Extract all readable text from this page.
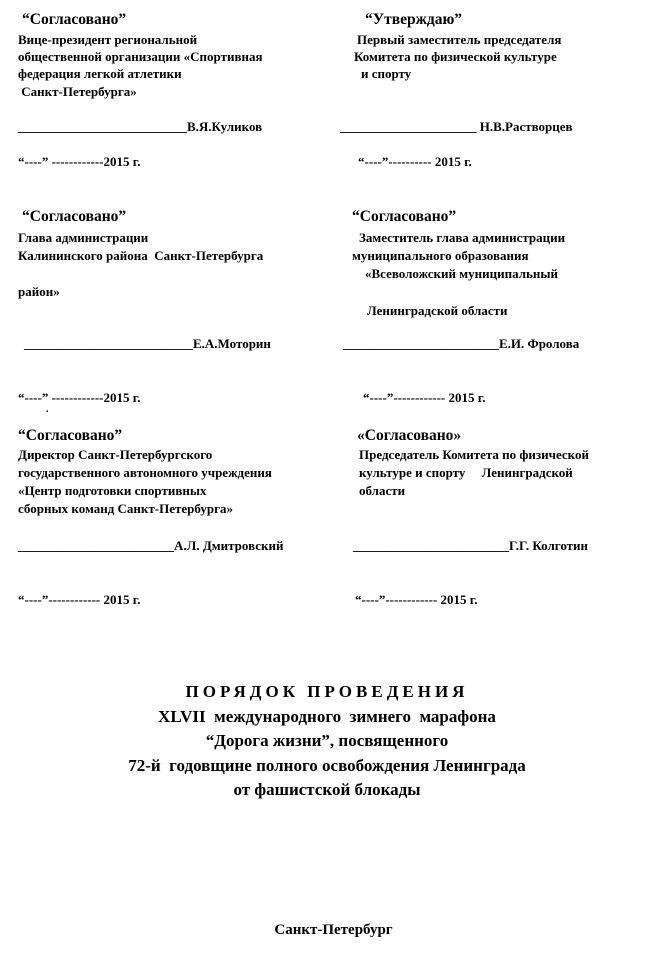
“Согласовано”
Вице-президент региональной
общественной организации «Спортивная
федерация легкой атлетики
Санкт-Петербурга»
__________________________В.Я.Куликов
“----” ------------2015 г.
“Утверждаю”
Первый заместитель председателя
Комитета по физической культуре
и спорту
_____________________ Н.В.Растворцев
“----”---------- 2015 г.
“Согласовано”
Глава администрации
Калининского района  Санкт-Петербурга
район»
__________________________Е.А.Моторин
“----” ------------2015 г.
“Согласовано”
Заместитель глава администрации
муниципального образования
«Всеволожский муниципальный
Ленинградской области
________________________Е.И. Фролова
“----”------------ 2015 г.
.
“Согласовано”
Директор Санкт-Петербургского
государственного автономного учреждения
«Центр подготовки спортивных
сборных команд Санкт-Петербурга»
________________________А.Л. Дмитровский
“----”------------ 2015 г.
«Согласовано»
Председатель Комитета по физической
культуре и спорту     Ленинградской
области
________________________Г.Г. Колготин
“----”------------ 2015 г.
ПОРЯДОК ПРОВЕДЕНИЯ
XLVII  международного  зимнего  марафона
“Дорога жизни”, посвященного
72-й  годовщине полного освобождения Ленинграда
от фашистской блокады
Санкт-Петербург
